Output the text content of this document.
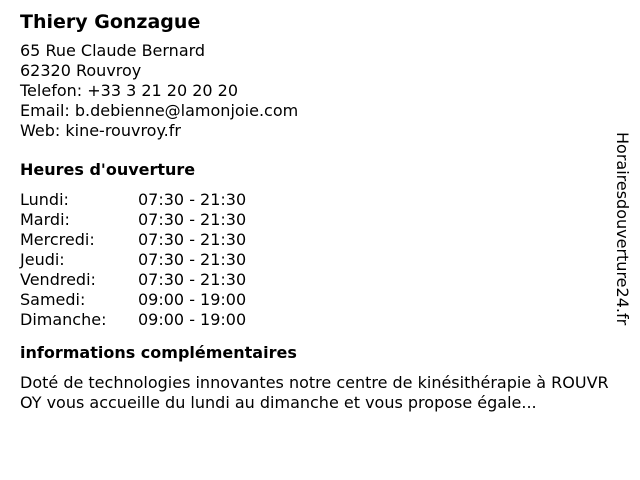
Thiery Gonzague
65 Rue Claude Bernard
62320 Rouvroy
Telefon: +33 3 21 20 20 20
Email: b.debienne@lamonjoie.com
Web: kine-rouvroy.fr
Heures d'ouverture
Lundi:	07:30 - 21:30
Mardi:	07:30 - 21:30
Mercredi:	07:30 - 21:30
Jeudi:	07:30 - 21:30
Vendredi:	07:30 - 21:30
Samedi:	09:00 - 19:00
Dimanche:	09:00 - 19:00
informations complémentaires
Doté de technologies innovantes notre centre de kinésithérapie à ROUVROY vous accueille du lundi au dimanche et vous propose égale...
Horairesdouverture24.fr
